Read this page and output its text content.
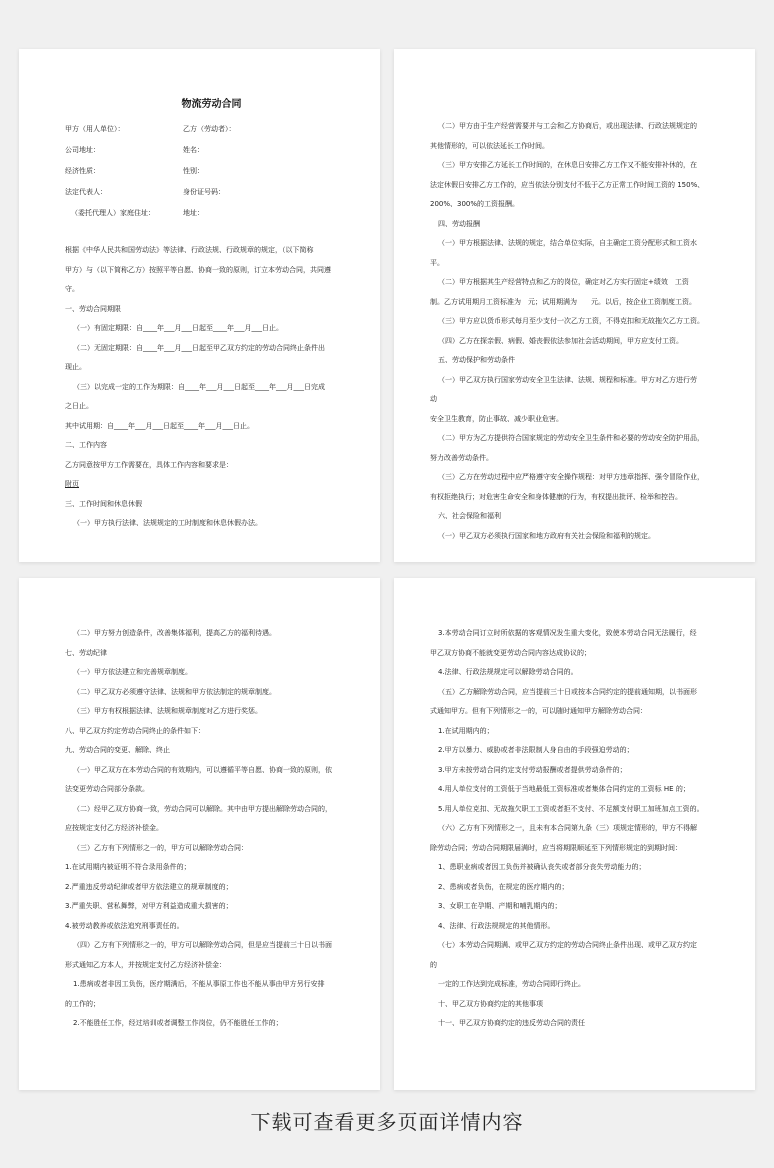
物流劳动合同
甲方（用人单位）：	乙方（劳动者）：
公司地址：	姓名：
经济性质：	性别：
法定代表人：	身份证号码：
（委托代理人）家庭住址：	地址：
根据《中华人民共和国劳动法》等法律、行政法规、行政规章的规定，（以下简称
甲方）与（以下简称乙方）按照平等自愿、协商一致的原则，订立本劳动合同，共同遵
守。
一、劳动合同期限
（一）有固定期限：自____年___月___日起至____年___月___日止。
（二）无固定期限：自____年___月___日起至甲乙双方约定的劳动合同终止条件出
现止。
（三）以完成一定的工作为期限：自____年___月___日起至____年___月___日完成
之日止。
其中试用期：自____年___月___日起至____年___月___日止。
二、工作内容
乙方同意按甲方工作需要在，具体工作内容和要求是：
附页
三、工作时间和休息休假
（一）甲方执行法律、法规规定的工时制度和休息休假办法。
（二）甲方由于生产经营需要并与工会和乙方协商后，或出现法律、行政法规规定的
其他情形的，可以依法延长工作时间。
（三）甲方安排乙方延长工作时间的，在休息日安排乙方工作又不能安排补休的，在
法定休假日安排乙方工作的，应当依法分别支付不低于乙方正常工作时间工资的 150%、
200%、300%的工资报酬。
四、劳动报酬
（一）甲方根据法律、法规的规定，结合单位实际，自主确定工资分配形式和工资水
平。
（二）甲方根据其生产经营特点和乙方的岗位，确定对乙方实行固定+绩效　工资
制。乙方试用期月工资标准为　元；试用期满为　　元。以后，按企业工资制度工资。
（三）甲方应以货币形式每月至少支付一次乙方工资，不得克扣和无故拖欠乙方工资。
（四）乙方在探亲假、病假、婚丧假依法参加社会活动期间，甲方应支付工资。
五、劳动保护和劳动条件
（一）甲乙双方执行国家劳动安全卫生法律、法规、规程和标准。甲方对乙方进行劳
动
安全卫生教育，防止事故、减少职业危害。
（二）甲方为乙方提供符合国家规定的劳动安全卫生条件和必要的劳动安全防护用品，
努力改善劳动条件。
（三）乙方在劳动过程中应严格遵守安全操作规程：对甲方违章指挥、强令冒险作业，
有权拒绝执行；对危害生命安全和身体健康的行为，有权提出批评、检举和控告。
六、社会保险和福利
（一）甲乙双方必须执行国家和地方政府有关社会保险和福利的规定。
（二）甲方努力创造条件，改善集体福利，提高乙方的福利待遇。
七、劳动纪律
（一）甲方依法建立和完善规章制度。
（二）甲乙双方必须遵守法律、法规和甲方依法制定的规章制度。
（三）甲方有权根据法律、法规和规章制度对乙方进行奖惩。
八、甲乙双方约定劳动合同终止的条件如下：
九、劳动合同的变更、解除、终止
（一）甲乙双方在本劳动合同的有效期内，可以遵循平等自愿、协商一致的原则，依
法变更劳动合同部分条款。
（二）经甲乙双方协商一致，劳动合同可以解除。其中由甲方提出解除劳动合同的，
应按规定支付乙方经济补偿金。
（三）乙方有下列情形之一的，甲方可以解除劳动合同：
1.在试用期内被证明不符合录用条件的；
2.严重违反劳动纪律或者甲方依法建立的规章制度的；
3.严重失职、营私舞弊，对甲方利益造成重大损害的；
4.被劳动教养或依法追究刑事责任的。
（四）乙方有下列情形之一的，甲方可以解除劳动合同，但是应当提前三十日以书面
形式通知乙方本人，并按规定支付乙方经济补偿金：
1.患病或者非因工负伤，医疗期满后，不能从事原工作也不能从事由甲方另行安排
的工作的；
2.不能胜任工作，经过培训或者调整工作岗位，仍不能胜任工作的；
3.本劳动合同订立时所依据的客观情况发生重大变化，致使本劳动合同无法履行，经
甲乙双方协商不能就变更劳动合同内容达成协议的；
4.法律、行政法规规定可以解除劳动合同的。
（五）乙方解除劳动合同，应当提前三十日或按本合同约定的提前通知期，以书面形
式通知甲方。但有下列情形之一的，可以随时通知甲方解除劳动合同：
1.在试用期内的；
2.甲方以暴力、威胁或者非法限制人身自由的手段强迫劳动的；
3.甲方未按劳动合同约定支付劳动报酬或者提供劳动条件的；
4.用人单位支付的工资低于当地最低工资标准或者集体合同约定的工资标 HE 的；
5.用人单位克扣、无故拖欠职工工资或者拒不支付、不足额支付职工加班加点工资的。
（六）乙方有下列情形之一，且未有本合同第九条（三）项规定情形的，甲方不得解
除劳动合同；劳动合同期限届满时，应当将期限顺延至下列情形规定的到期时间：
1、患职业病或者因工负伤并被确认丧失或者部分丧失劳动能力的；
2、患病或者负伤，在规定的医疗期内的；
3、女职工在孕期、产期和哺乳期内的；
4、法律、行政法规规定的其他情形。
（七）本劳动合同期满、或甲乙双方约定的劳动合同终止条件出现、或甲乙双方约定
的
一定的工作达到完成标准，劳动合同即行终止。
十、甲乙双方协商约定的其他事项
十一、甲乙双方协商约定的违反劳动合同的责任
下载可查看更多页面详情内容
